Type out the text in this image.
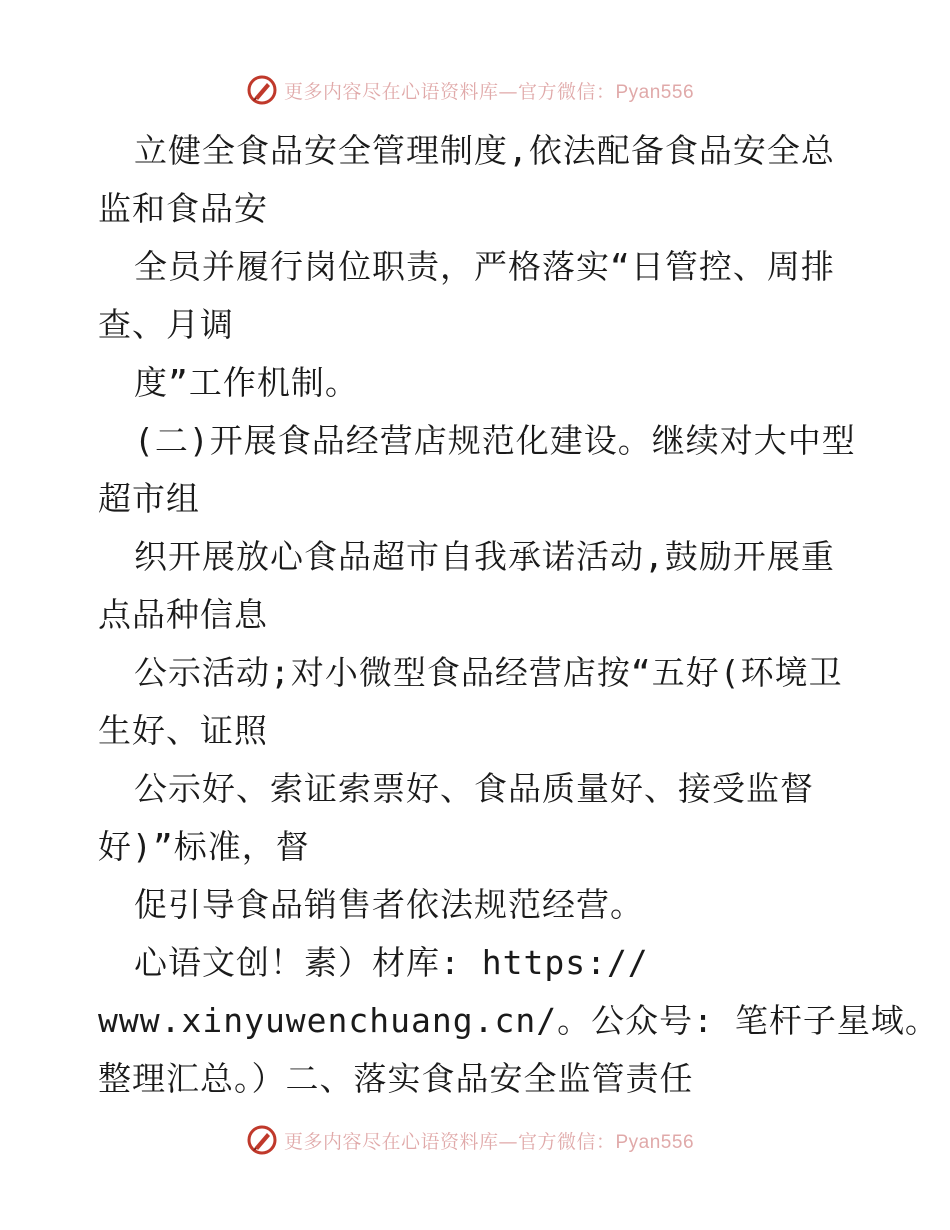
更多内容尽在心语资料库—官方微信：Pyan556
立健全食品安全管理制度,依法配备食品安全总
监和食品安
全员并履行岗位职责，严格落实“日管控、周排
查、月调
度”工作机制。
(二)开展食品经营店规范化建设。继续对大中型
超市组
织开展放心食品超市自我承诺活动,鼓励开展重
点品种信息
公示活动;对小微型食品经营店按“五好(环境卫
生好、证照
公示好、索证索票好、食品质量好、接受监督
好)”标准，督
促引导食品销售者依法规范经营。
心语文创！素）材库: https://
www.xinyuwenchuang.cn/。公众号: 笔杆子星域。
整理汇总。）二、落实食品安全监管责任
更多内容尽在心语资料库—官方微信：Pyan556
